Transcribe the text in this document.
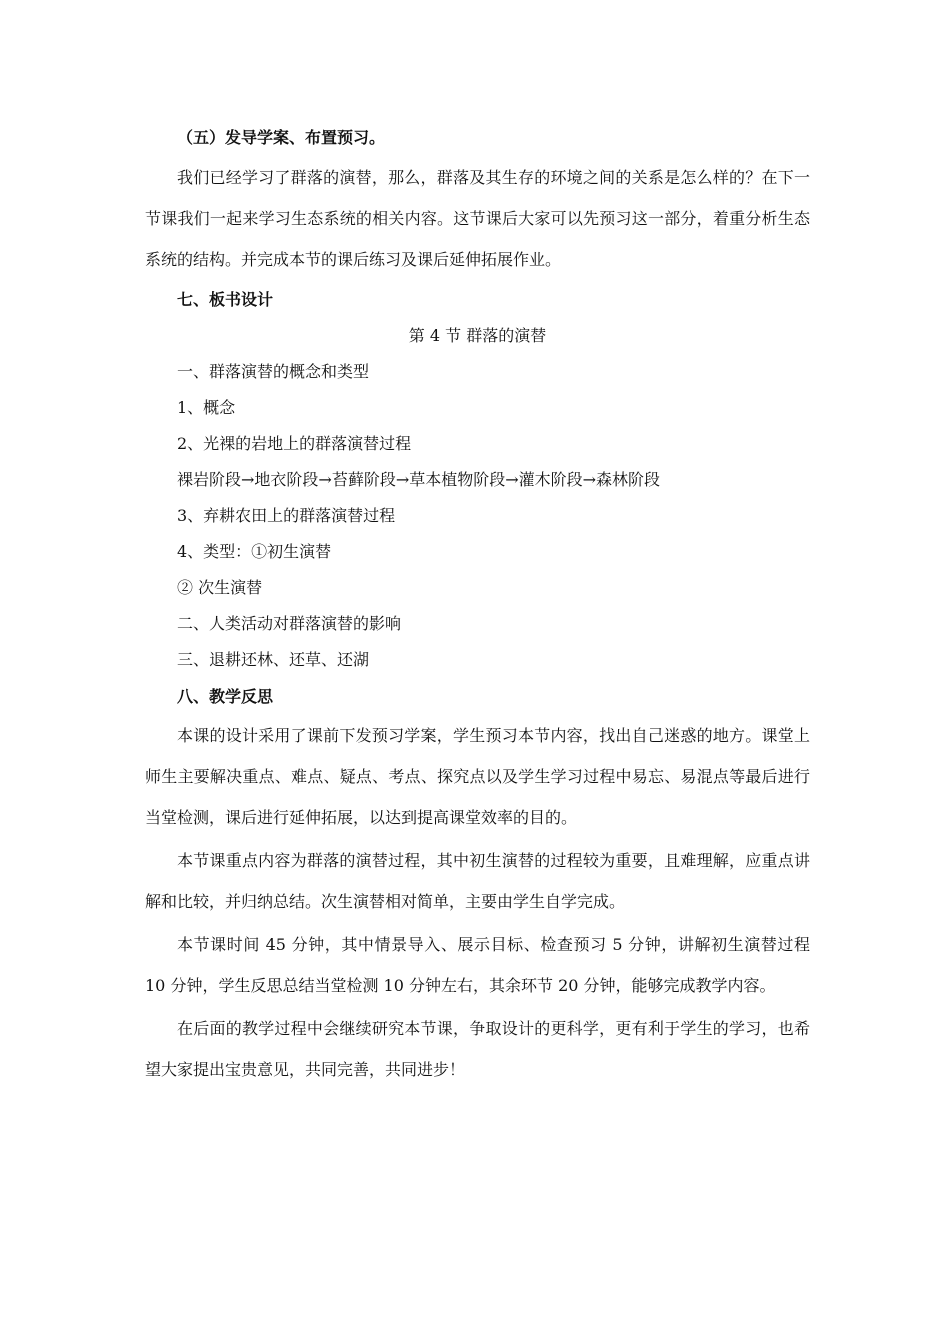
（五）发导学案、布置预习。

我们已经学习了群落的演替，那么，群落及其生存的环境之间的关系是怎么样的？在下一节课我们一起来学习生态系统的相关内容。这节课后大家可以先预习这一部分，着重分析生态系统的结构。并完成本节的课后练习及课后延伸拓展作业。

七、板书设计
第 4 节 群落的演替
一、群落演替的概念和类型
1、概念
2、光裸的岩地上的群落演替过程
裸岩阶段→地衣阶段→苔藓阶段→草本植物阶段→灌木阶段→森林阶段
3、弃耕农田上的群落演替过程
4、类型：①初生演替
② 次生演替
二、人类活动对群落演替的影响
三、退耕还林、还草、还湖
八、教学反思

本课的设计采用了课前下发预习学案，学生预习本节内容，找出自己迷惑的地方。课堂上师生主要解决重点、难点、疑点、考点、探究点以及学生学习过程中易忘、易混点等最后进行当堂检测，课后进行延伸拓展，以达到提高课堂效率的目的。

本节课重点内容为群落的演替过程，其中初生演替的过程较为重要，且难理解，应重点讲解和比较，并归纳总结。次生演替相对简单，主要由学生自学完成。

本节课时间 45 分钟，其中情景导入、展示目标、检查预习 5 分钟，讲解初生演替过程 10 分钟，学生反思总结当堂检测 10 分钟左右，其余环节 20 分钟，能够完成教学内容。

在后面的教学过程中会继续研究本节课，争取设计的更科学，更有利于学生的学习，也希望大家提出宝贵意见，共同完善，共同进步！
